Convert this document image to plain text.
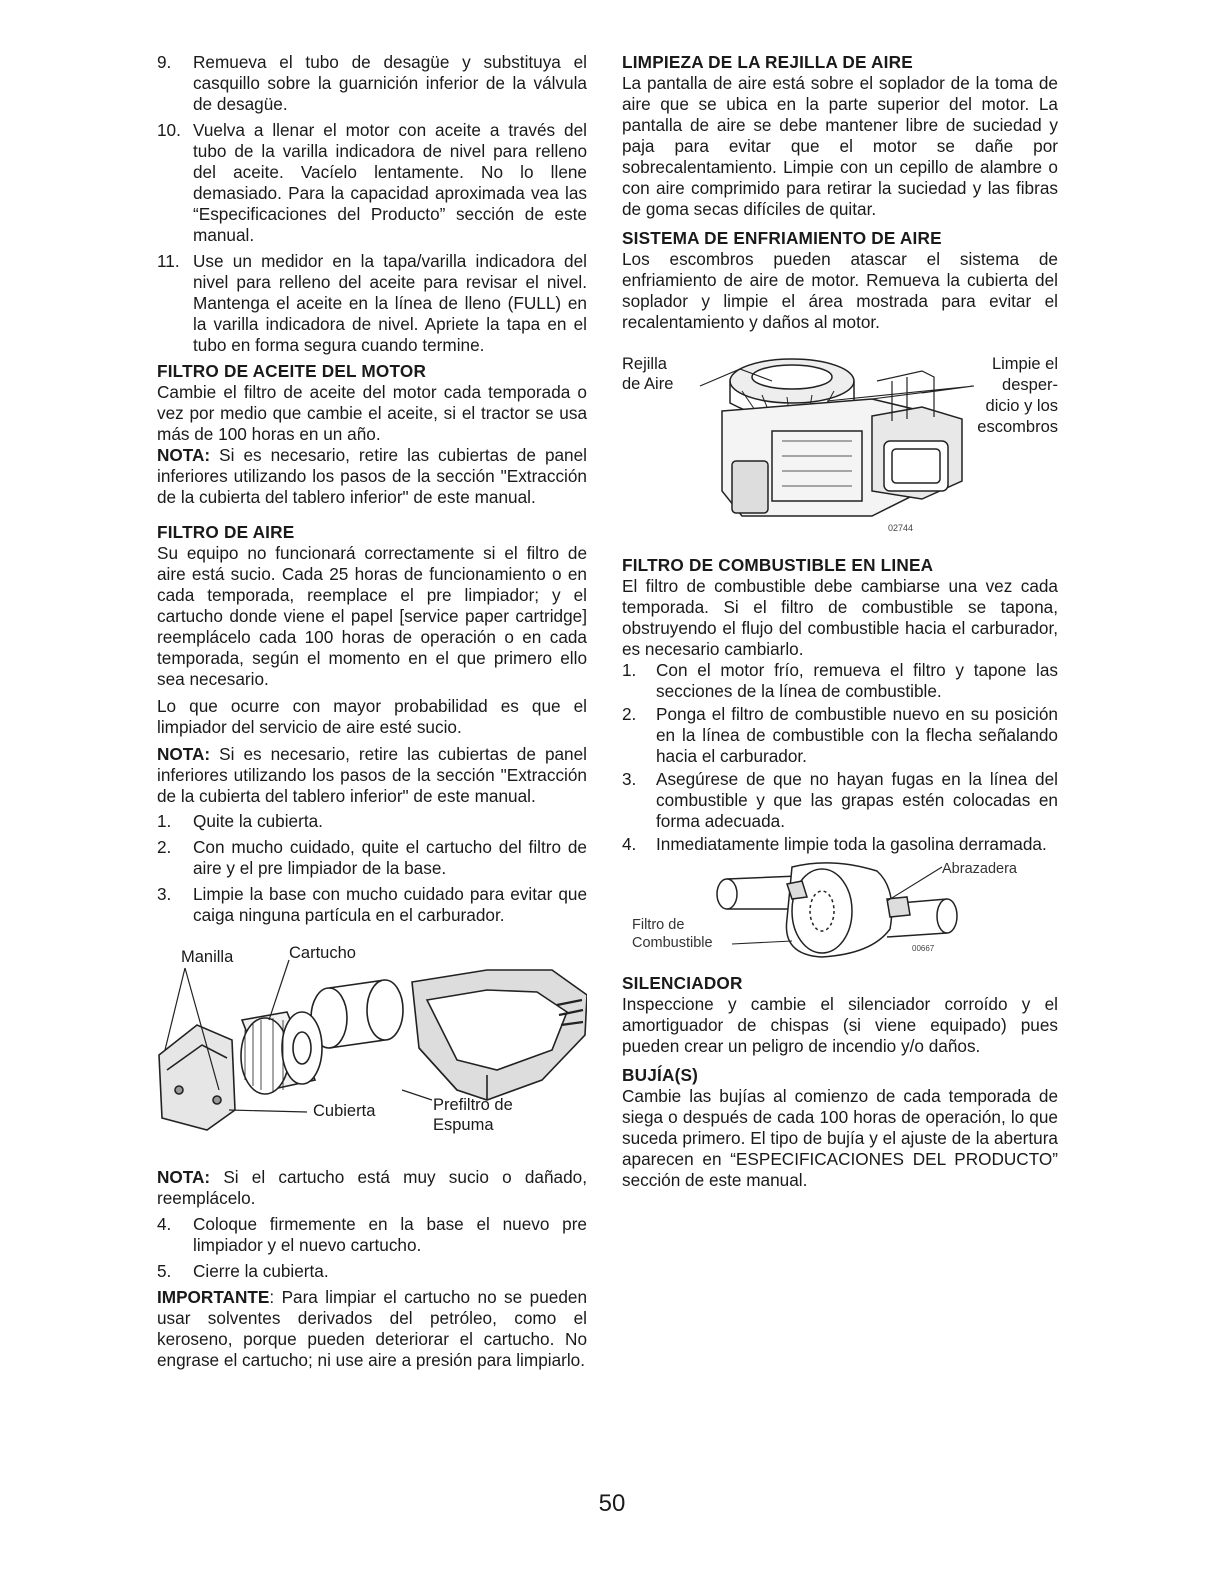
9.	Remueva el tubo de desagüe y substituya el casquillo sobre la guarnición inferior de la válvula de desagüe.
10. Vuelva a llenar el motor con aceite a través del tubo de la varilla indicadora de nivel para relleno del aceite. Vacíelo lentamente. No lo llene demasiado. Para la capacidad aproximada vea las “Especificaciones del Producto” sección de este manual.
11. Use un medidor en la tapa/varilla indicadora del nivel para relleno del aceite para revisar el nivel. Mantenga el aceite en la línea de lleno (FULL) en la varilla indicadora de nivel. Apriete la tapa en el tubo en forma segura cuando termine.
FILTRO DE ACEITE DEL MOTOR

Cambie el filtro de aceite del motor cada temporada o vez por medio que cambie el aceite, si el tractor se usa más de 100 horas en un año.

NOTA: Si es necesario, retire las cubiertas de panel inferiores utilizando los pasos de la sección "Extracción de la cubierta del tablero inferior" de este manual.

FILTRO DE AIRE

Su equipo no funcionará correctamente si el filtro de aire está sucio. Cada 25 horas de funcionamiento o en cada temporada, reemplace el pre limpiador; y el cartucho donde viene el papel [service paper cartridge] reemplácelo cada 100 horas de operación o en cada temporada, según el momento en el que primero ello sea necesario.

Lo que ocurre con mayor probabilidad es que el limpiador del servicio de aire esté sucio.

NOTA: Si es necesario, retire las cubiertas de panel inferiores utilizando los pasos de la sección "Extracción de la cubierta del tablero inferior" de este manual.

1.	Quite la cubierta.
2.	Con mucho cuidado, quite el cartucho del filtro de aire y el pre limpiador de la base.
3.	Limpie la base con mucho cuidado para evitar que caiga ninguna partícula en el carburador.
Manilla	Cartucho
Prefiltro de
Espuma
Cubierta

NOTA: Si el cartucho está muy sucio o dañado, reemplácelo.

4.	Coloque firmemente en la base el nuevo pre limpiador y el nuevo cartucho.
5.	Cierre la cubierta.

IMPORTANTE: Para limpiar el cartucho no se pueden usar solventes derivados del petróleo, como el keroseno, porque pueden deteriorar el cartucho. No engrase el cartucho; ni use aire a presión para limpiarlo.

LIMPIEZA DE LA REJILLA DE AIRE

La pantalla de aire está sobre el soplador de la toma de aire que se ubica en la parte superior del motor. La pantalla de aire se debe mantener libre de suciedad y paja para evitar que el motor se dañe por sobrecalentamiento. Limpie con un cepillo de alambre o con aire comprimido para retirar la suciedad y las fibras de goma secas difíciles de quitar.

SISTEMA DE ENFRIAMIENTO DE AIRE

Los escombros pueden atascar el sistema de enfriamiento de aire de motor. Remueva la cubierta del soplador y limpie el área mostrada para evitar el recalentamiento y daños al motor.

02744
Rejilla
de Aire
Limpie el
desper-
dicio y los
escombros
FILTRO DE COMBUSTIBLE EN LINEA

El filtro de combustible debe cambiarse una vez cada temporada. Si el filtro de combustible se tapona, obstruyendo el flujo del combustible hacia el carburador, es necesario cambiarlo.

1.	Con el motor frío, remueva el filtro y tapone las secciones de la línea de combustible.
2.	Ponga el filtro de combustible nuevo en su posición en la línea de combustible con la flecha señalando hacia el carburador.
3.	Asegúrese de que no hayan fugas en la línea del combustible y que las grapas estén colocadas en forma adecuada.
4.	Inmediatamente limpie toda la gasolina derramada.
00667
Abrazadera
Filtro de
Combustible
SILENCIADOR

Inspeccione y cambie el silenciador corroído y el amortiguador de chispas (si viene equipado) pues pueden crear un peligro de incendio y/o daños.

BUJÍA(S)

Cambie las bujías al comienzo de cada temporada de siega o después de cada 100 horas de operación, lo que suceda primero. El tipo de bujía y el ajuste de la abertura aparecen en “ESPECIFICACIONES DEL PRODUCTO” sección de este manual.

50
